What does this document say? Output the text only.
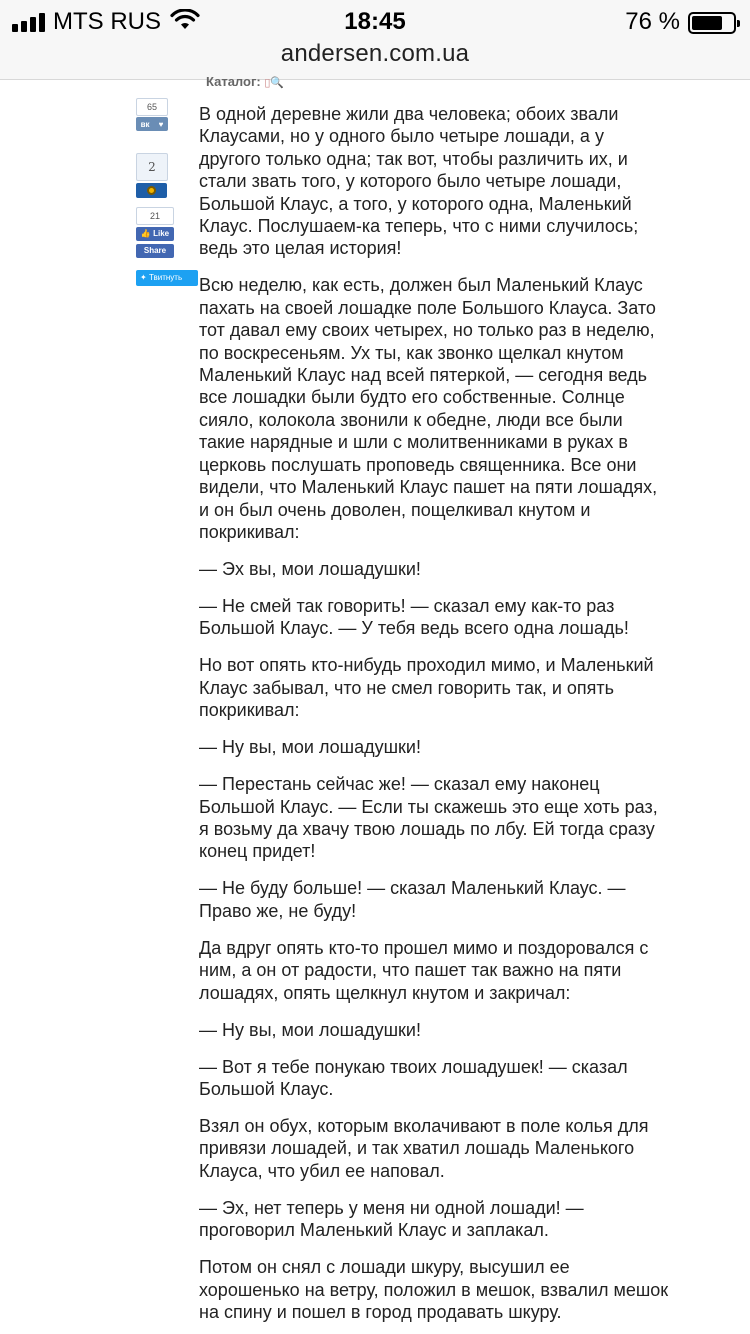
MTS RUS	18:45	76 %
andersen.com.ua
Каталог: ▯🔍
65
вк ♥
2
21
👍 Like
Share
✦ Твитнуть

В одной деревне жили два человека; обоих звали Клаусами, но у одного было четыре лошади, а у другого только одна; так вот, чтобы различить их, и стали звать того, у которого было четыре лошади, Большой Клаус, а того, у которого одна, Маленький Клаус. Послушаем-ка теперь, что с ними случилось; ведь это целая история!

Всю неделю, как есть, должен был Маленький Клаус пахать на своей лошадке поле Большого Клауса. Зато тот давал ему своих четырех, но только раз в неделю, по воскресеньям. Ух ты, как звонко щелкал кнутом Маленький Клаус над всей пятеркой, — сегодня ведь все лошадки были будто его собственные. Солнце сияло, колокола звонили к обедне, люди все были такие нарядные и шли с молитвенниками в руках в церковь послушать проповедь священника. Все они видели, что Маленький Клаус пашет на пяти лошадях, и он был очень доволен, пощелкивал кнутом и покрикивал:

— Эх вы, мои лошадушки!

— Не смей так говорить! — сказал ему как-то раз Большой Клаус. — У тебя ведь всего одна лошадь!

Но вот опять кто-нибудь проходил мимо, и Маленький Клаус забывал, что не смел говорить так, и опять покрикивал:

— Ну вы, мои лошадушки!

— Перестань сейчас же! — сказал ему наконец Большой Клаус. — Если ты скажешь это еще хоть раз, я возьму да хвачу твою лошадь по лбу. Ей тогда сразу конец придет!

— Не буду больше! — сказал Маленький Клаус. — Право же, не буду!

Да вдруг опять кто-то прошел мимо и поздоровался с ним, а он от радости, что пашет так важно на пяти лошадях, опять щелкнул кнутом и закричал:

— Ну вы, мои лошадушки!

— Вот я тебе понукаю твоих лошадушек! — сказал Большой Клаус.

Взял он обух, которым вколачивают в поле колья для привязи лошадей, и так хватил лошадь Маленького Клауса, что убил ее наповал.

— Эх, нет теперь у меня ни одной лошади! — проговорил Маленький Клаус и заплакал.

Потом он снял с лошади шкуру, высушил ее хорошенько на ветру, положил в мешок, взвалил мешок на спину и пошел в город продавать шкуру.
